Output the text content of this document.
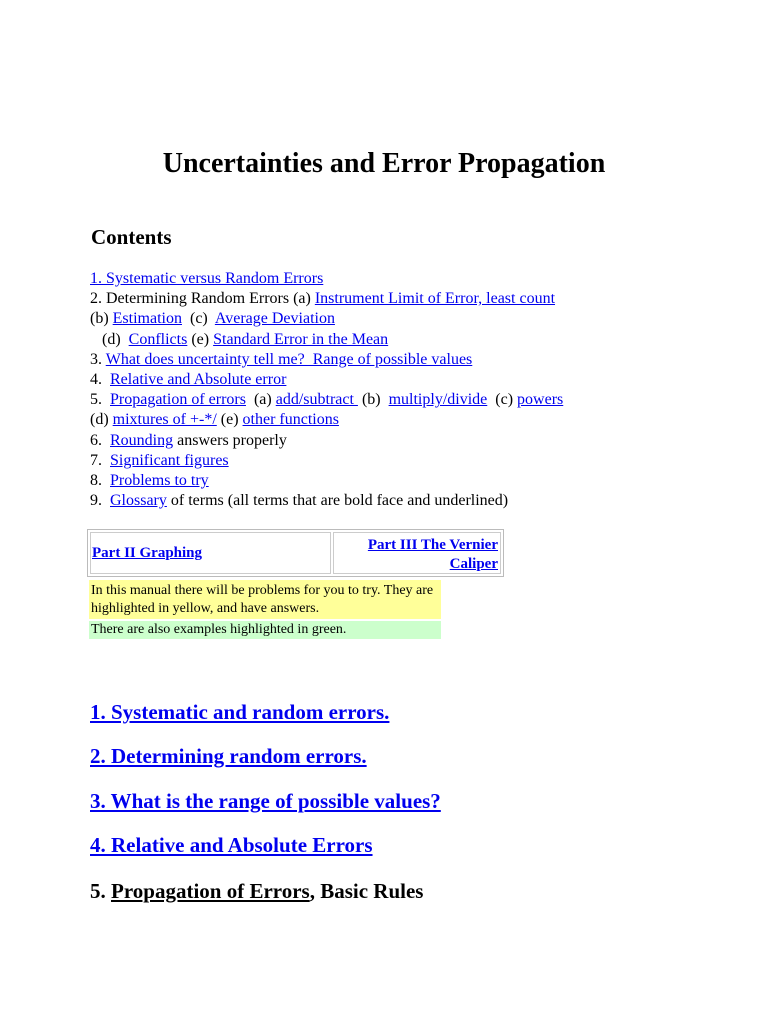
Uncertainties and Error Propagation
Contents
1. Systematic versus Random Errors
2. Determining Random Errors (a) Instrument Limit of Error, least count
(b) Estimation  (c)  Average Deviation
(d)  Conflicts (e) Standard Error in the Mean
3. What does uncertainty tell me?  Range of possible values
4.  Relative and Absolute error
5.  Propagation of errors  (a) add/subtract  (b)  multiply/divide  (c) powers
(d) mixtures of +-*/ (e) other functions
6.  Rounding answers properly
7.  Significant figures
8.  Problems to try
9.  Glossary of terms (all terms that are bold face and underlined)
Part II Graphing	Part III The Vernier
Caliper
In this manual there will be problems for you to try. They are highlighted in yellow, and have answers.
There are also examples highlighted in green.
1. Systematic and random errors.
2. Determining random errors.
3. What is the range of possible values?
4. Relative and Absolute Errors
5. Propagation of Errors, Basic Rules
